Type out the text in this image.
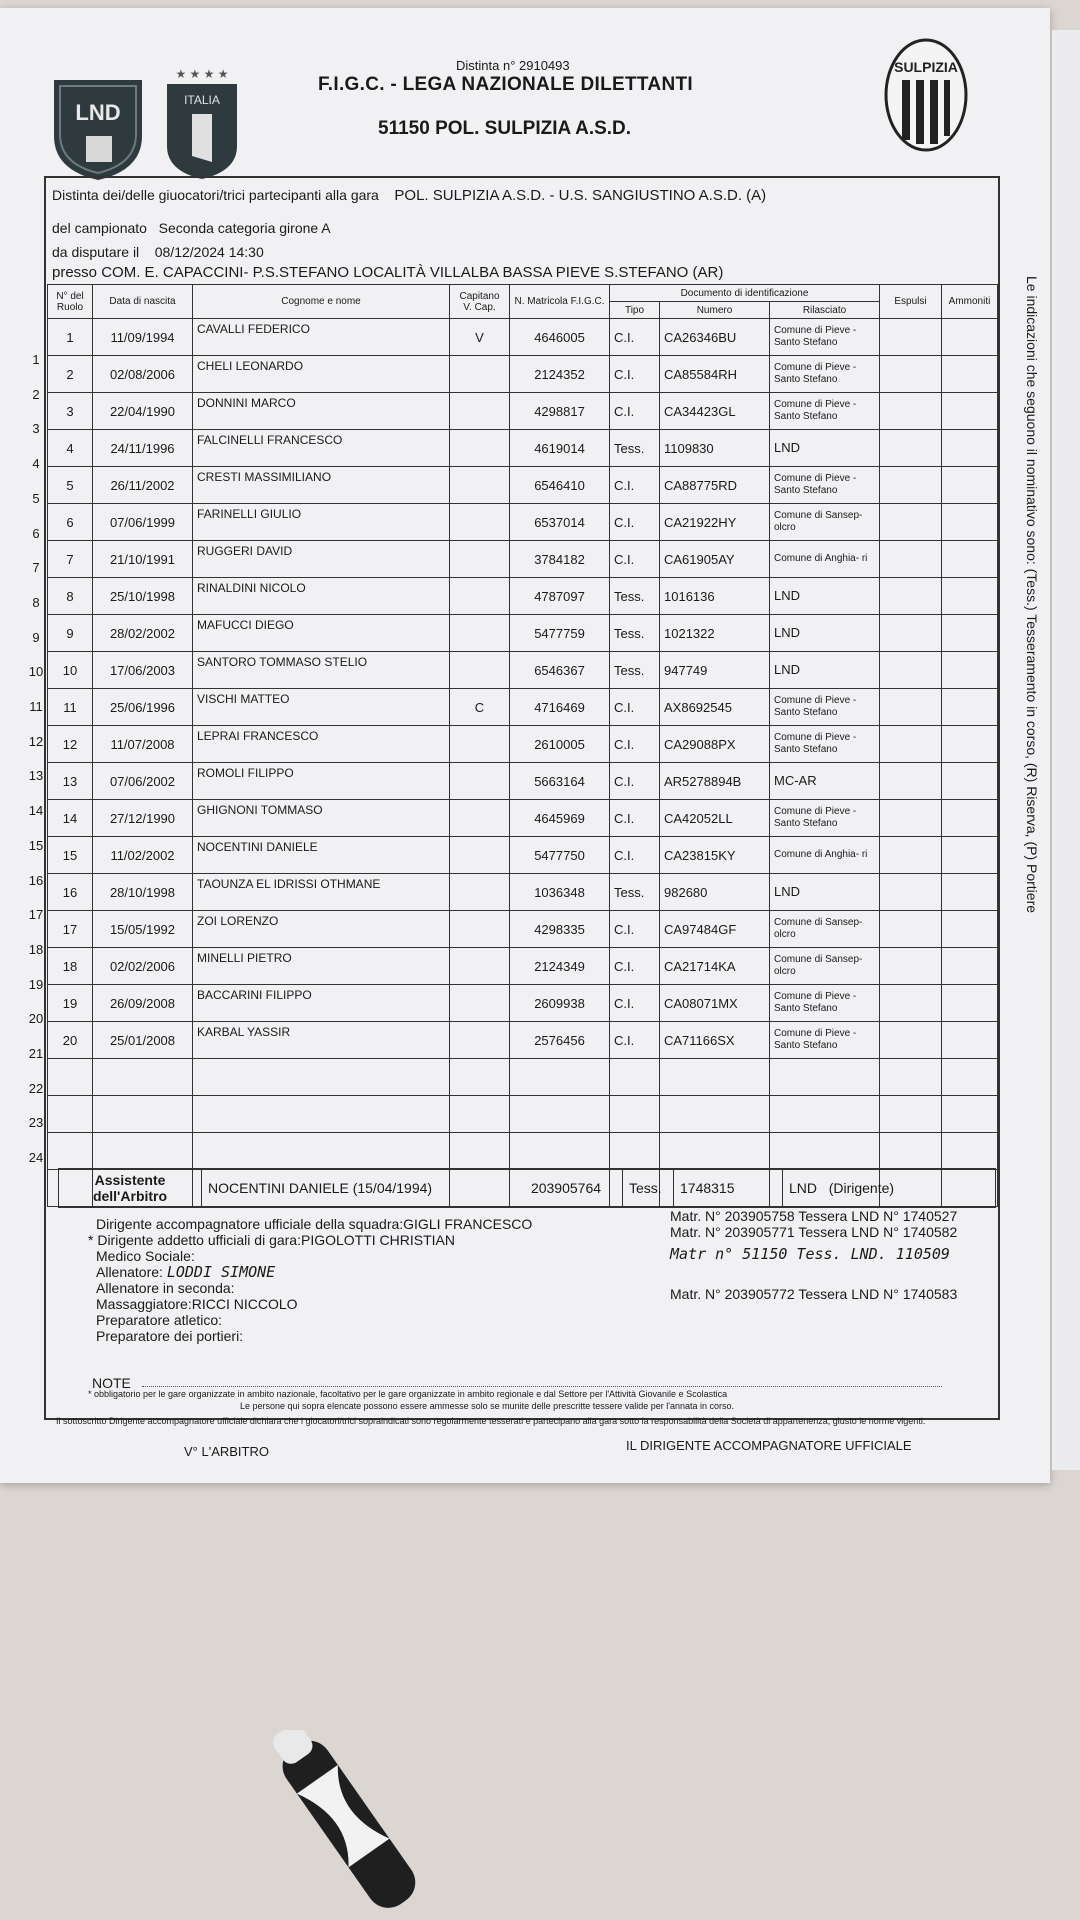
LND
★ ★ ★ ★
ITALIA
SULPIZIA
Distinta n° 2910493
F.I.G.C. - LEGA NAZIONALE DILETTANTI
51150 POL. SULPIZIA A.S.D.
Distinta dei/delle giuocatori/trici partecipanti alla gara POL. SULPIZIA A.S.D. - U.S. SANGIUSTINO A.S.D. (A)
del campionato Seconda categoria girone A
da disputare il 08/12/2024 14:30
presso COM. E. CAPACCINI- P.S.STEFANO LOCALITÀ VILLALBA BASSA PIEVE S.STEFANO (AR)
N° del Ruolo	Data di nascita	Cognome e nome	Capitano V. Cap.	N. Matricola F.I.G.C.	Documento di identificazione			Espulsi	Ammoniti
					Tipo	Numero	Rilasciato		
1	11/09/1994	CAVALLI FEDERICO	V	4646005	C.I.	CA26346BU	Comune di Pieve - Santo Stefano		
2	02/08/2006	CHELI LEONARDO		2124352	C.I.	CA85584RH	Comune di Pieve - Santo Stefano		
3	22/04/1990	DONNINI MARCO		4298817	C.I.	CA34423GL	Comune di Pieve - Santo Stefano		
4	24/11/1996	FALCINELLI FRANCESCO		4619014	Tess.	1109830	LND		
5	26/11/2002	CRESTI MASSIMILIANO		6546410	C.I.	CA88775RD	Comune di Pieve - Santo Stefano		
6	07/06/1999	FARINELLI GIULIO		6537014	C.I.	CA21922HY	Comune di Sansep- olcro		
7	21/10/1991	RUGGERI DAVID		3784182	C.I.	CA61905AY	Comune di Anghia- ri		
8	25/10/1998	RINALDINI NICOLO		4787097	Tess.	1016136	LND		
9	28/02/2002	MAFUCCI DIEGO		5477759	Tess.	1021322	LND		
10	17/06/2003	SANTORO TOMMASO STELIO		6546367	Tess.	947749	LND		
11	25/06/1996	VISCHI MATTEO	C	4716469	C.I.	AX8692545	Comune di Pieve - Santo Stefano		
12	11/07/2008	LEPRAI FRANCESCO		2610005	C.I.	CA29088PX	Comune di Pieve - Santo Stefano		
13	07/06/2002	ROMOLI FILIPPO		5663164	C.I.	AR5278894B	MC-AR		
14	27/12/1990	GHIGNONI TOMMASO		4645969	C.I.	CA42052LL	Comune di Pieve - Santo Stefano		
15	11/02/2002	NOCENTINI DANIELE		5477750	C.I.	CA23815KY	Comune di Anghia- ri		
16	28/10/1998	TAOUNZA EL IDRISSI OTHMANE		1036348	Tess.	982680	LND		
17	15/05/1992	ZOI LORENZO		4298335	C.I.	CA97484GF	Comune di Sansep- olcro		
18	02/02/2006	MINELLI PIETRO		2124349	C.I.	CA21714KA	Comune di Sansep- olcro		
19	26/09/2008	BACCARINI FILIPPO		2609938	C.I.	CA08071MX	Comune di Pieve - Santo Stefano		
20	25/01/2008	KARBAL YASSIR		2576456	C.I.	CA71166SX	Comune di Pieve - Santo Stefano		

1
2
3
4
5
6
7
8
9
10
11
12
13
14
15
16
17
18
19
20
21
22
23
24
Assistente dell'Arbitro	NOCENTINI DANIELE (15/04/1994)	203905764	Tess.	1748315	LND (Dirigente)
Dirigente accompagnatore ufficiale della squadra:GIGLI FRANCESCO
* Dirigente addetto ufficiali di gara:PIGOLOTTI CHRISTIAN
Medico Sociale:
Allenatore: LODDI SIMONE
Allenatore in seconda:
Massaggiatore:RICCI NICCOLO
Preparatore atletico:
Preparatore dei portieri:
Matr. N° 203905758 Tessera LND N° 1740527
Matr. N° 203905771 Tessera LND N° 1740582
Matr n° 51150 Tess. LND. 110509
Matr. N° 203905772 Tessera LND N° 1740583
NOTE
* obbligatorio per le gare organizzate in ambito nazionale, facoltativo per le gare organizzate in ambito regionale e dal Settore per l'Attività Giovanile e Scolastica
Le persone qui sopra elencate possono essere ammesse solo se munite delle prescritte tessere valide per l'annata in corso.
Il sottoscritto Dirigente accompagnatore ufficiale dichiara che i giocatori/trici sopraindicati sono regolarmente tesserati e partecipano alla gara sotto la responsabilità della Società di appartenenza, giusto le norme vigenti.
V° L'ARBITRO	IL DIRIGENTE ACCOMPAGNATORE UFFICIALE
Le indicazioni che seguono il nominativo sono: (Tess.) Tesseramento in corso, (R) Riserva, (P) Portiere
